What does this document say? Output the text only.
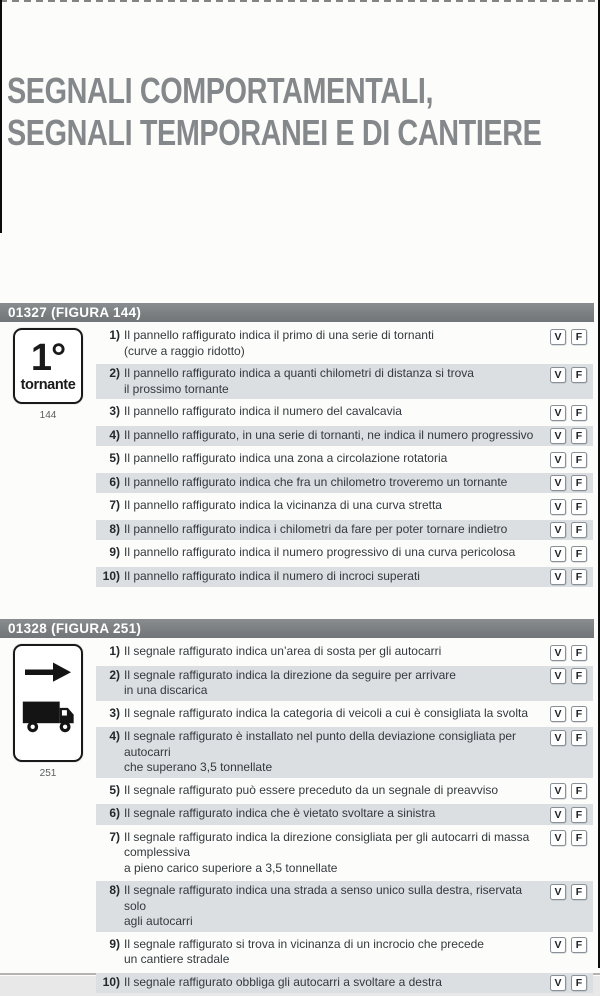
SEGNALI COMPORTAMENTALI,
SEGNALI TEMPORANEI E DI CANTIERE
01327 (FIGURA 144)
1°
tornante
144
1) Il pannello raffigurato indica il primo di una serie di tornanti
(curve a raggio ridotto)
V	F
2) Il pannello raffigurato indica a quanti chilometri di distanza si trova
il prossimo tornante
V	F
3) Il pannello raffigurato indica il numero del cavalcavia	V	F
4) Il pannello raffigurato, in una serie di tornanti, ne indica il numero progressivo	V	F
5) Il pannello raffigurato indica una zona a circolazione rotatoria	V	F
6) Il pannello raffigurato indica che fra un chilometro troveremo un tornante	V	F
7) Il pannello raffigurato indica la vicinanza di una curva stretta	V	F
8) Il pannello raffigurato indica i chilometri da fare per poter tornare indietro	V	F
9) Il pannello raffigurato indica il numero progressivo di una curva pericolosa	V	F
10) Il pannello raffigurato indica il numero di incroci superati	V	F
01328 (FIGURA 251)
251
1) Il segnale raffigurato indica un’area di sosta per gli autocarri	V	F
2) Il segnale raffigurato indica la direzione da seguire per arrivare
in una discarica
V	F
3) Il segnale raffigurato indica la categoria di veicoli a cui è consigliata la svolta	V	F
4) Il segnale raffigurato è installato nel punto della deviazione consigliata per autocarri
che superano 3,5 tonnellate
V	F
5) Il segnale raffigurato può essere preceduto da un segnale di preavviso	V	F
6) Il segnale raffigurato indica che è vietato svoltare a sinistra	V	F
7) Il segnale raffigurato indica la direzione consigliata per gli autocarri di massa complessiva
a pieno carico superiore a 3,5 tonnellate
V	F
8) Il segnale raffigurato indica una strada a senso unico sulla destra, riservata solo
agli autocarri
V	F
9) Il segnale raffigurato si trova in vicinanza di un incrocio che precede
un cantiere stradale
V	F
10) Il segnale raffigurato obbliga gli autocarri a svoltare a destra	V	F
